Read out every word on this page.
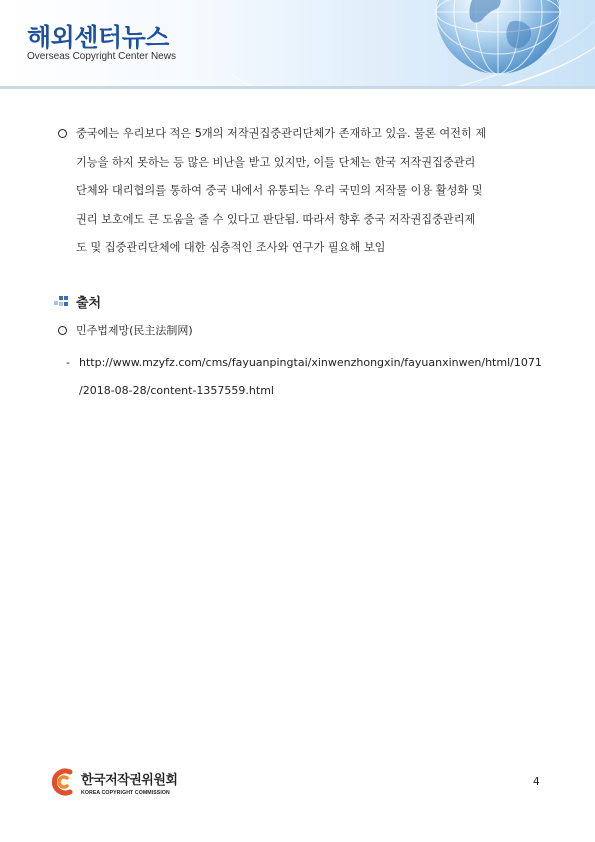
해외센터뉴스
Overseas Copyright Center News
중국에는 우리보다 적은 5개의 저작권집중관리단체가 존재하고 있음. 물론 여전히 제
기능을 하지 못하는 등 많은 비난을 받고 있지만, 이들 단체는 한국 저작권집중관리
단체와 대리협의를 통하여 중국 내에서 유통되는 우리 국민의 저작물 이용 활성화 및
권리 보호에도 큰 도움을 줄 수 있다고 판단됨. 따라서 향후 중국 저작권집중관리제
도 및 집중관리단체에 대한 심층적인 조사와 연구가 필요해 보임
출처
민주법제망(民主法制网)
- http://www.mzyfz.com/cms/fayuanpingtai/xinwenzhongxin/fayuanxinwen/html/1071
/2018-08-28/content-1357559.html
한국저작권위원회
KOREA COPYRIGHT COMMISSION
4
